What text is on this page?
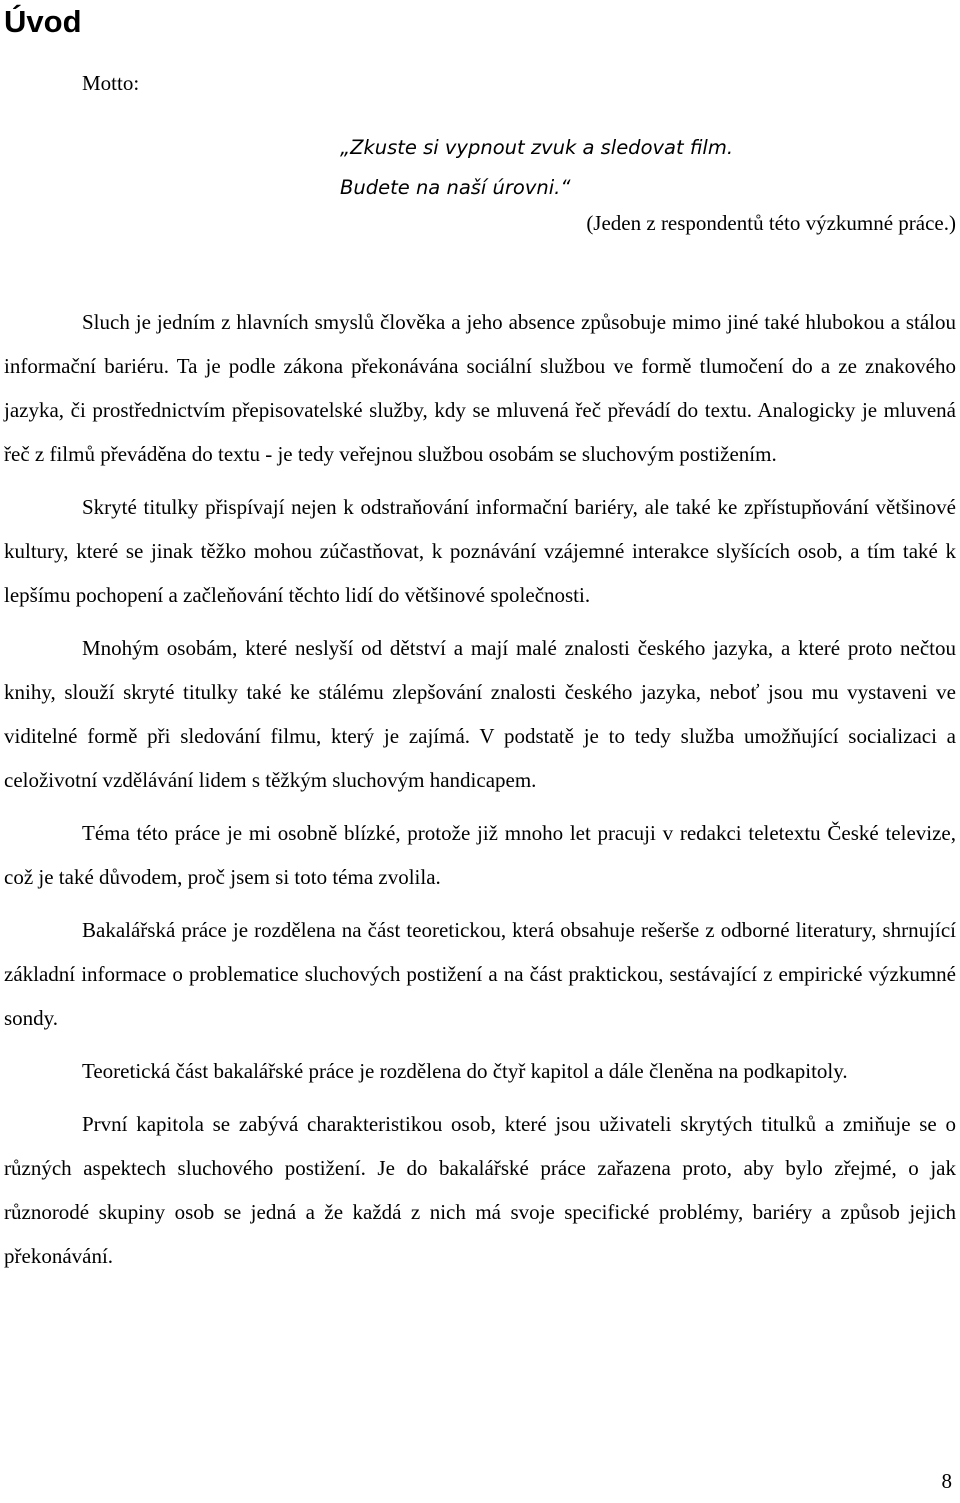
Úvod
Motto:
„Zkuste si vypnout zvuk a sledovat film.
Budete na naší úrovni.“
(Jeden z respondentů této výzkumné práce.)

Sluch je jedním z hlavních smyslů člověka a jeho absence způsobuje mimo jiné také hlubokou a stálou informační bariéru. Ta je podle zákona překonávána sociální službou ve formě tlumočení do a ze znakového jazyka, či prostřednictvím přepisovatelské služby, kdy se mluvená řeč převádí do textu. Analogicky je mluvená řeč z filmů převáděna do textu - je tedy veřejnou službou osobám se sluchovým postižením.

Skryté titulky přispívají nejen k odstraňování informační bariéry, ale také ke zpřístupňování většinové kultury, které se jinak těžko mohou zúčastňovat, k poznávání vzájemné interakce slyšících osob, a tím také k lepšímu pochopení a začleňování těchto lidí do většinové společnosti.

Mnohým osobám, které neslyší od dětství a mají malé znalosti českého jazyka, a které proto nečtou knihy, slouží skryté titulky také ke stálému zlepšování znalosti českého jazyka, neboť jsou mu vystaveni ve viditelné formě při sledování filmu, který je zajímá. V podstatě je to tedy služba umožňující socializaci a celoživotní vzdělávání lidem s těžkým sluchovým handicapem.

Téma této práce je mi osobně blízké, protože již mnoho let pracuji v redakci teletextu České televize, což je také důvodem, proč jsem si toto téma zvolila.

Bakalářská práce je rozdělena na část teoretickou, která obsahuje rešerše z odborné literatury, shrnující základní informace o problematice sluchových postižení a na část praktickou, sestávající z empirické výzkumné sondy.

Teoretická část bakalářské práce je rozdělena do čtyř kapitol a dále členěna na podkapitoly.

První kapitola se zabývá charakteristikou osob, které jsou uživateli skrytých titulků a zmiňuje se o různých aspektech sluchového postižení. Je do bakalářské práce zařazena proto, aby bylo zřejmé, o jak různorodé skupiny osob se jedná a že každá z nich má svoje specifické problémy, bariéry a způsob jejich překonávání.

8
